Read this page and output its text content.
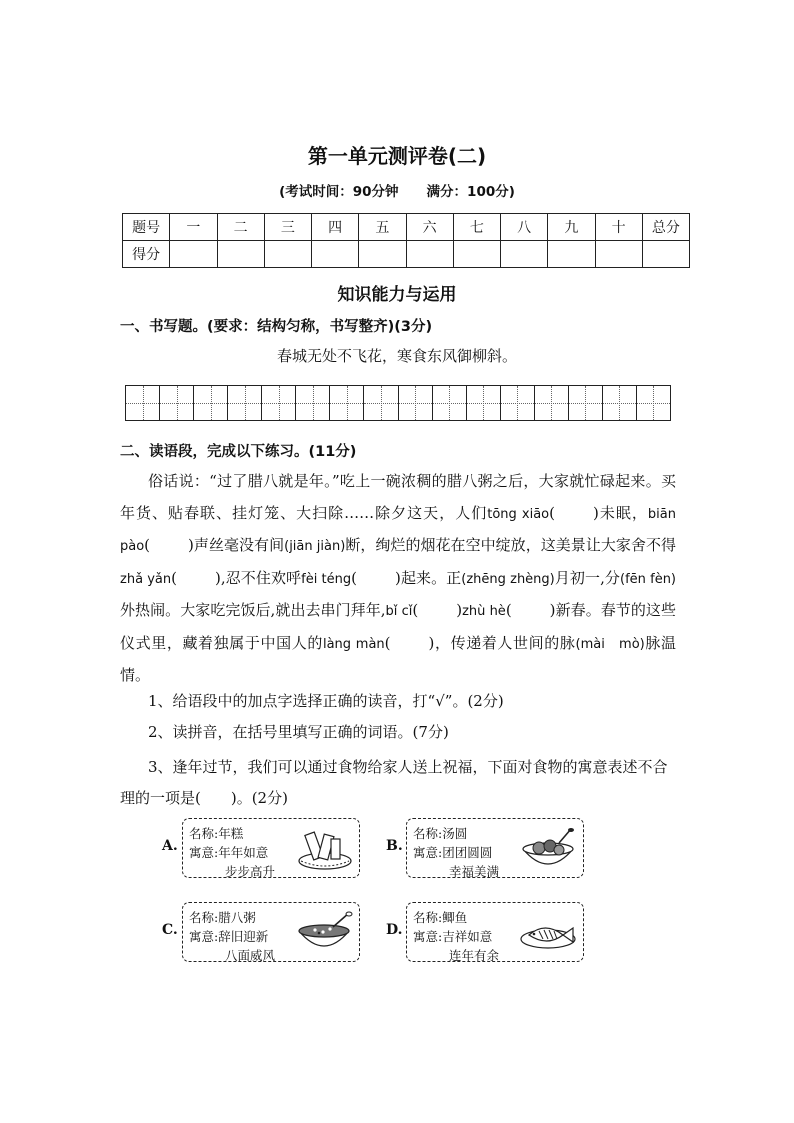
第一单元测评卷(二)
(考试时间：90分钟 满分：100分)
题号	一	二	三	四	五	六	七	八	九	十	总分
得分											
知识能力与运用
一、书写题。(要求：结构匀称，书写整齐)(3分)
春城无处不飞花，寒食东风御柳斜。
二、读语段，完成以下练习。(11分)

俗话说：“过了腊八就是年。”吃上一碗浓稠的腊八粥之后，大家就忙碌起来。买年货、贴春联、挂灯笼、大扫除……除夕这天，人们tōng xiāo(	)未眠，biān pào(	)声丝毫没有间(jiān jiàn)断，绚烂的烟花在空中绽放，这美景让大家舍不得zhǎ yǎn(	),忍不住欢呼fèi téng(	)起来。正(zhēng zhèng)月初一,分(fēn fèn)外热闹。大家吃完饭后,就出去串门拜年,bǐ cǐ(	)zhù hè(	)新春。春节的这些仪式里，藏着独属于中国人的làng màn(	)，传递着人世间的脉(mài　mò)脉温情。

1、给语段中的加点字选择正确的读音，打“√”。(2分)
2、读拼音，在括号里填写正确的词语。(7分)
3、逢年过节，我们可以通过食物给家人送上祝福，下面对食物的寓意表述不合理的一项是(　　)。(2分)
A.
名称:年糕
寓意:年年如意
步步高升
B.
名称:汤圆
寓意:团团圆圆
幸福美满
C.
名称:腊八粥
寓意:辞旧迎新
八面威风
D.
名称:鲫鱼
寓意:吉祥如意
连年有余
